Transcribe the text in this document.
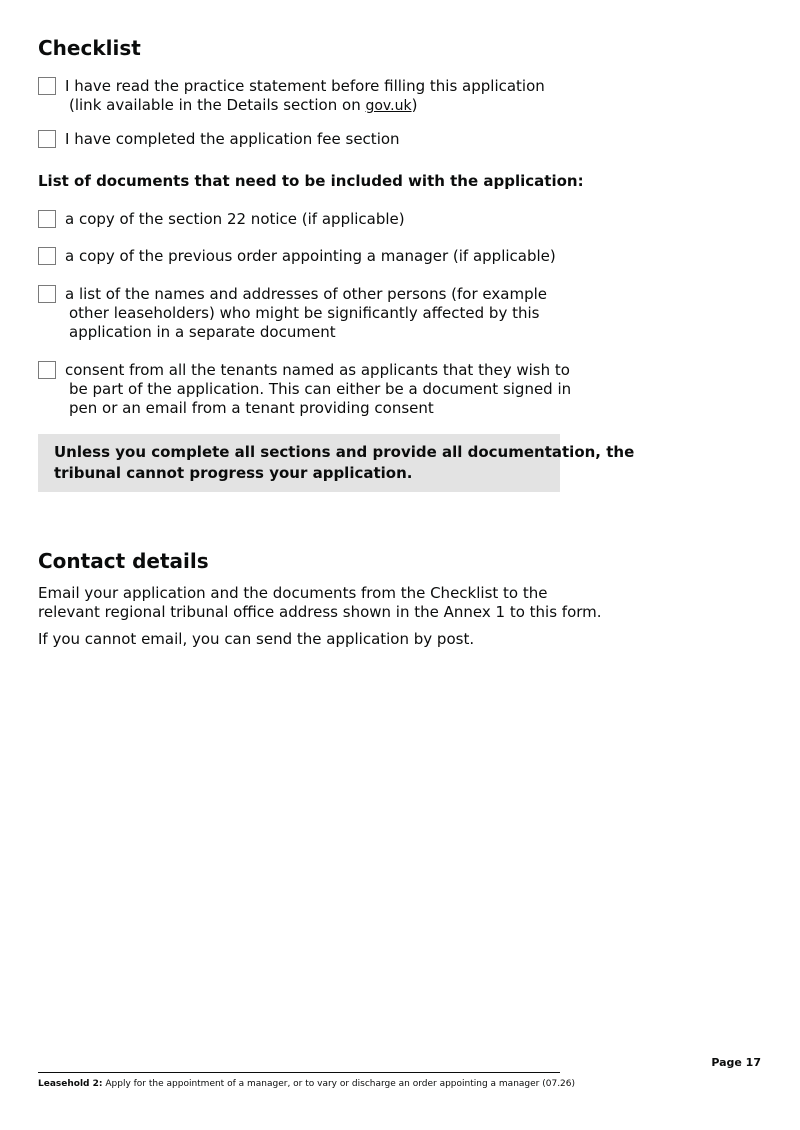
Checklist
I have read the practice statement before filling this application
(link available in the Details section on gov.uk)
I have completed the application fee section
List of documents that need to be included with the application:
a copy of the section 22 notice (if applicable)
a copy of the previous order appointing a manager (if applicable)
a list of the names and addresses of other persons (for example
other leaseholders) who might be significantly affected by this
application in a separate document
consent from all the tenants named as applicants that they wish to
be part of the application. This can either be a document signed in
pen or an email from a tenant providing consent
Unless you complete all sections and provide all documentation, the
tribunal cannot progress your application.
Contact details

Email your application and the documents from the Checklist to the
relevant regional tribunal office address shown in the Annex 1 to this form.

If you cannot email, you can send the application by post.

Page 17
Leasehold 2: Apply for the appointment of a manager, or to vary or discharge an order appointing a manager (07.26)
